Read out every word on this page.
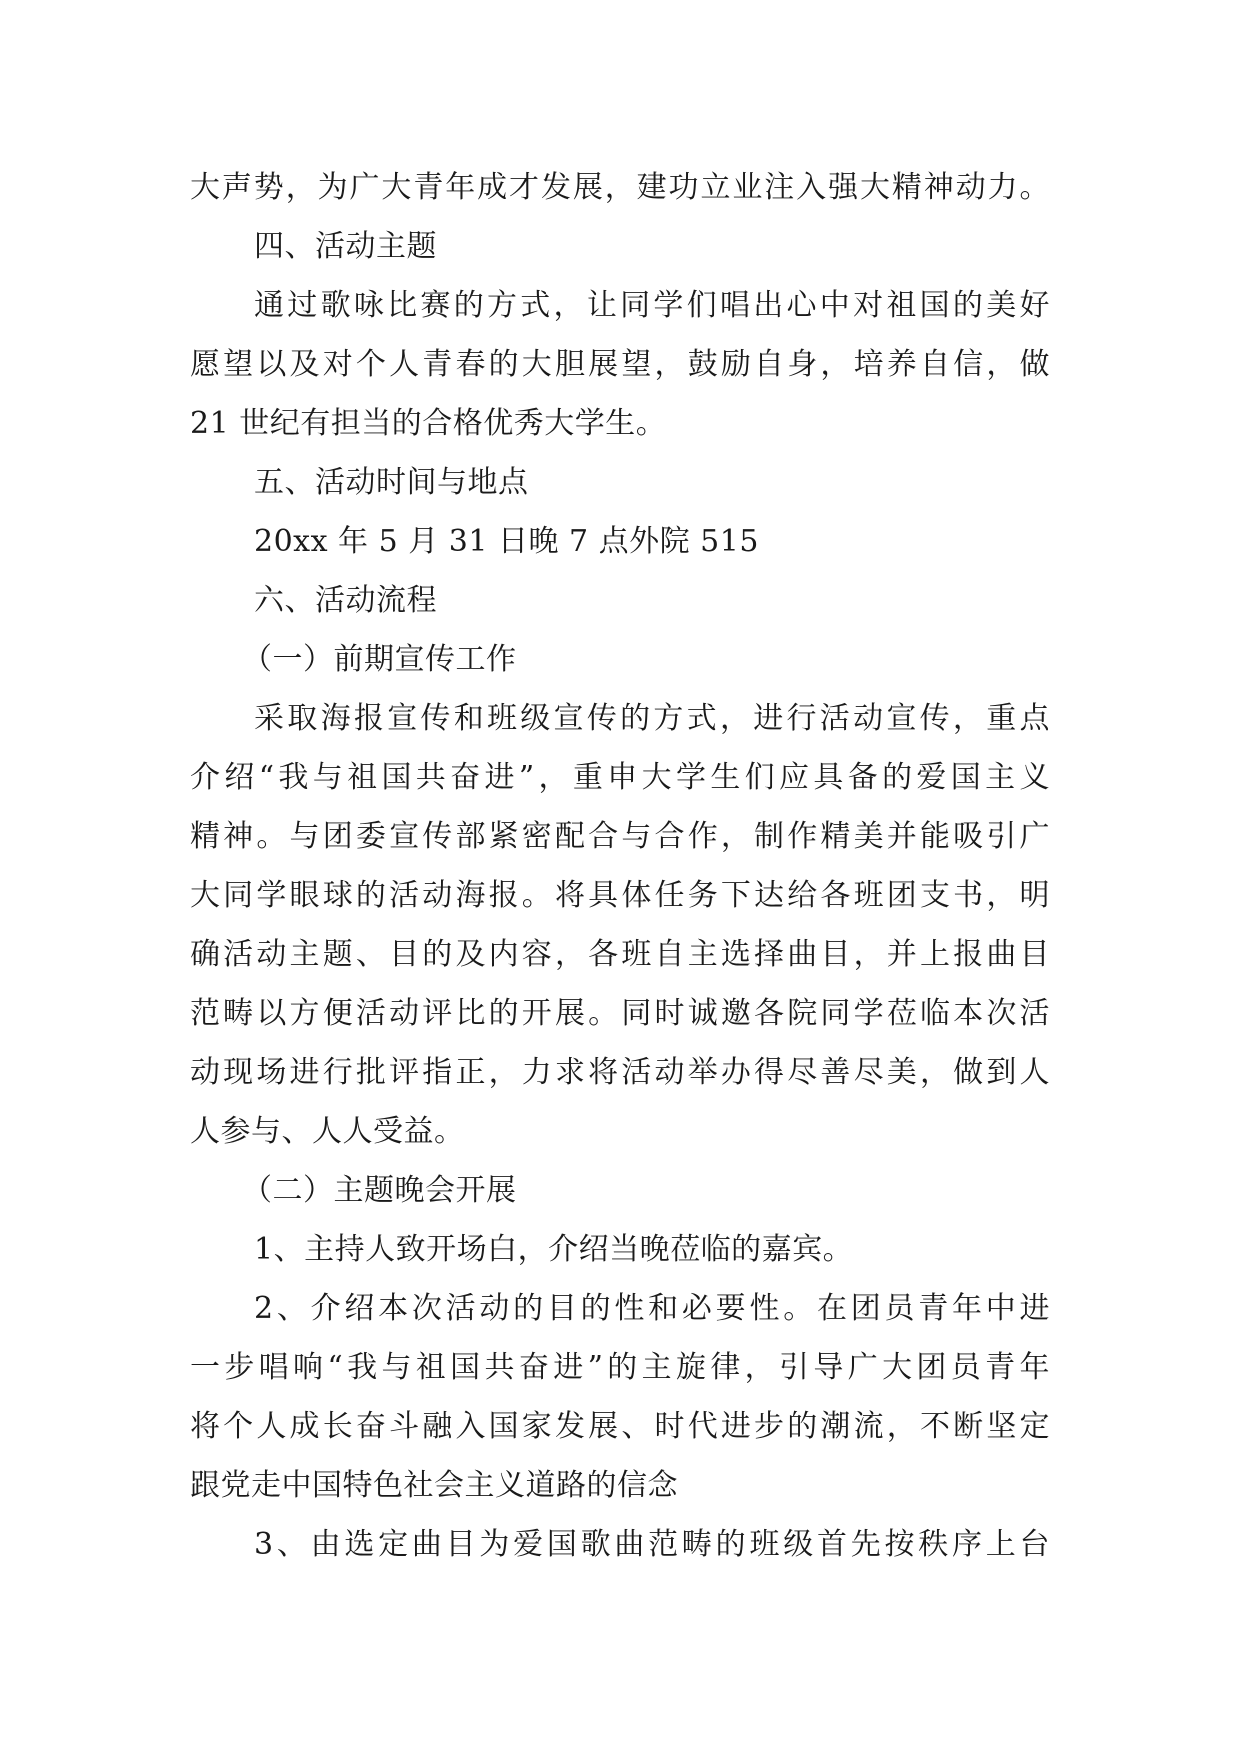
大声势，为广大青年成才发展，建功立业注入强大精神动力。
四、活动主题
通过歌咏比赛的方式，让同学们唱出心中对祖国的美好
愿望以及对个人青春的大胆展望，鼓励自身，培养自信，做
21 世纪有担当的合格优秀大学生。
五、活动时间与地点
20xx 年 5 月 31 日晚 7 点外院 515
六、活动流程
（一）前期宣传工作
采取海报宣传和班级宣传的方式，进行活动宣传，重点
介绍“我与祖国共奋进”，重申大学生们应具备的爱国主义
精神。与团委宣传部紧密配合与合作，制作精美并能吸引广
大同学眼球的活动海报。将具体任务下达给各班团支书，明
确活动主题、目的及内容，各班自主选择曲目，并上报曲目
范畴以方便活动评比的开展。同时诚邀各院同学莅临本次活
动现场进行批评指正，力求将活动举办得尽善尽美，做到人
人参与、人人受益。
（二）主题晚会开展
1、主持人致开场白，介绍当晚莅临的嘉宾。
2、介绍本次活动的目的性和必要性。在团员青年中进
一步唱响“我与祖国共奋进”的主旋律，引导广大团员青年
将个人成长奋斗融入国家发展、时代进步的潮流，不断坚定
跟党走中国特色社会主义道路的信念
3、由选定曲目为爱国歌曲范畴的班级首先按秩序上台
